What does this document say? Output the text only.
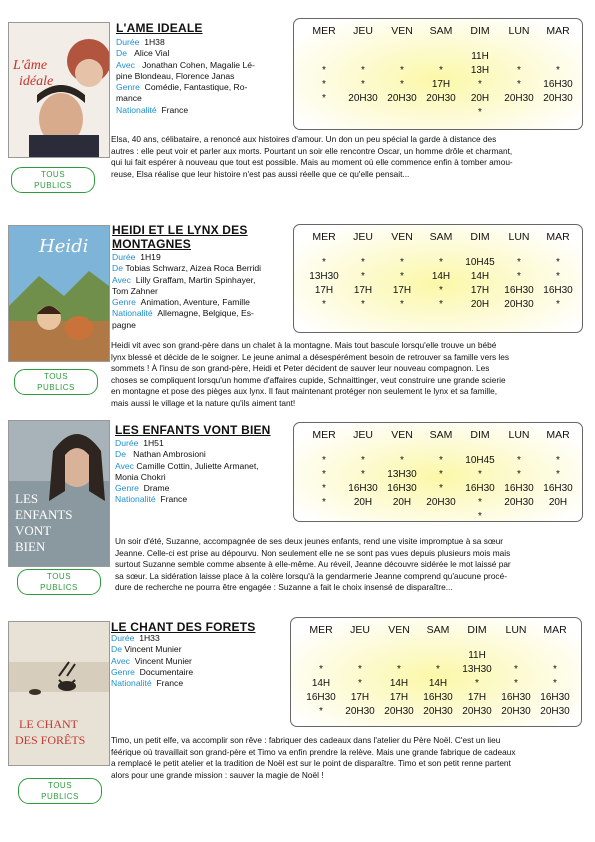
L'âme
idéale
L'AME IDEALE
Durée 1H38
De Alice Vial
Avec Jonathan Cohen, Magalie Lé-
pine Blondeau, Florence Janas
Genre Comédie, Fantastique, Ro-
mance
Nationalité France
MER
*
*
*
JEU
*
*
20H30
VEN
*
*
20H30
SAM
*
17H
20H30
DIM
11H
13H
*
20H
*
LUN
*
*
20H30
MAR
*
16H30
20H30
Elsa, 40 ans, célibataire, a renoncé aux histoires d'amour. Un don un peu spécial la garde à distance des
autres : elle peut voir et parler aux morts. Pourtant un soir elle rencontre Oscar, un homme drôle et charmant,
qui lui fait espérer à nouveau que tout est possible. Mais au moment où elle commence enfin à tomber amou-
reuse, Elsa réalise que leur histoire n'est pas aussi réelle que ce qu'elle pensait...
TOUS
PUBLICS
Heidi
HEIDI ET LE LYNX DES
MONTAGNES
Durée 1H19
De Tobias Schwarz, Aizea Roca Berridi
Avec Lilly Graffam, Martin Spinhayer,
Tom Zahner
Genre Animation, Aventure, Famille
Nationalité Allemagne, Belgique, Es-
pagne
MER
*
13H30
17H
*
JEU
*
*
17H
*
VEN
*
*
17H
*
SAM
*
14H
*
*
DIM
10H45
14H
17H
20H
LUN
*
*
16H30
20H30
MAR
*
*
16H30
*
Heidi vit avec son grand-père dans un chalet à la montagne. Mais tout bascule lorsqu'elle trouve un bébé
lynx blessé et décide de le soigner. Le jeune animal a désespérément besoin de retrouver sa famille vers les
sommets ! À l'insu de son grand-père, Heidi et Peter décident de sauver leur nouveau compagnon. Les
choses se compliquent lorsqu'un homme d'affaires cupide, Schnaittinger, veut construire une grande scierie
en montagne et pose des pièges aux lynx. Il faut maintenant protéger non seulement le lynx et sa famille,
mais aussi le village et la nature qu'ils aiment tant!
TOUS
PUBLICS
LES
ENFANTS
VONT
BIEN
LES ENFANTS VONT BIEN
Durée 1H51
De Nathan Ambrosioni
Avec Camille Cottin, Juliette Armanet,
Monia Chokri
Genre Drame
Nationalité France
MER
*
*
*
*
JEU
*
*
16H30
20H
VEN
*
13H30
16H30
20H
SAM
*
*
*
20H30
DIM
10H45
*
16H30
*
*
LUN
*
*
16H30
20H30
MAR
*
*
16H30
20H
Un soir d'été, Suzanne, accompagnée de ses deux jeunes enfants, rend une visite impromptue à sa sœur
Jeanne. Celle-ci est prise au dépourvu. Non seulement elle ne se sont pas vues depuis plusieurs mois mais
surtout Suzanne semble comme absente à elle-même. Au réveil, Jeanne découvre sidérée le mot laissé par
sa sœur. La sidération laisse place à la colère lorsqu'à la gendarmerie Jeanne comprend qu'aucune procé-
dure de recherche ne pourra être engagée : Suzanne a fait le choix insensé de disparaître...
TOUS
PUBLICS
LE CHANT
DES FORÊTS
LE CHANT DES FORETS
Durée 1H33
De Vincent Munier
Avec Vincent Munier
Genre Documentaire
Nationalité France
MER
*
14H
16H30
*
JEU
*
*
17H
20H30
VEN
*
14H
17H
20H30
SAM
*
14H
16H30
20H30
DIM
11H
13H30
*
17H
20H30
LUN
*
*
16H30
20H30
MAR
*
*
16H30
20H30
Timo, un petit elfe, va accomplir son rêve : fabriquer des cadeaux dans l'atelier du Père Noël. C'est un lieu
féérique où travaillait son grand-père et Timo va enfin prendre la relève. Mais une grande fabrique de cadeaux
a remplacé le petit atelier et la tradition de Noël est sur le point de disparaître. Timo et son petit renne partent
alors pour une grande mission : sauver la magie de Noël !
TOUS
PUBLICS
